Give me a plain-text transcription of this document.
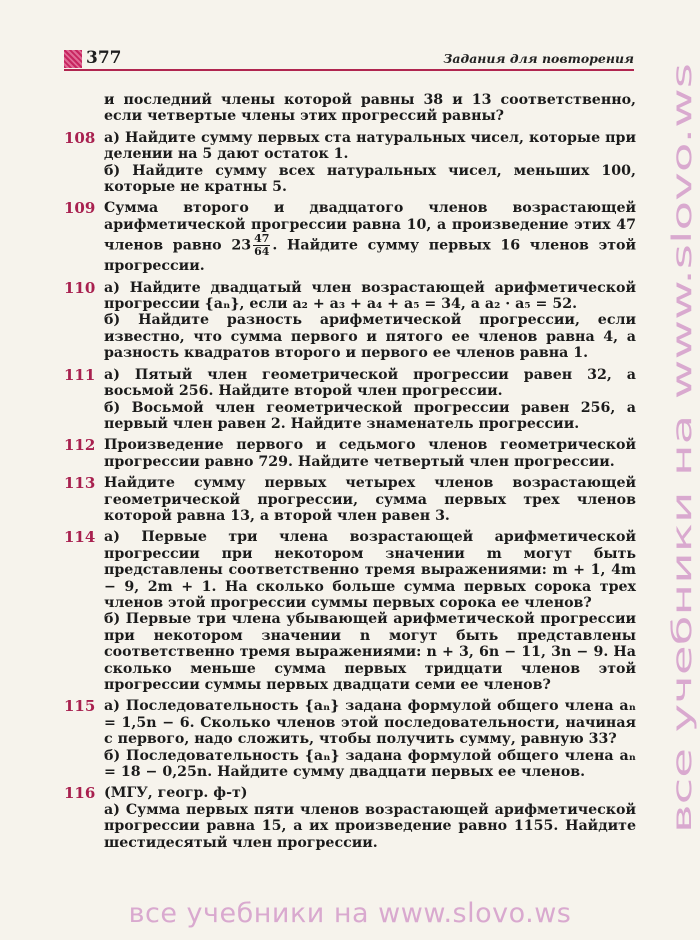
377	Задания для повторения
и последний члены которой равны 38 и 13 соответственно, если четвертые члены этих прогрессий равны?
108 а) Найдите сумму первых ста натуральных чисел, которые при делении на 5 дают остаток 1.
б) Найдите сумму всех натуральных чисел, меньших 100, которые не кратны 5.
109 Сумма второго и двадцатого членов возрастающей арифметической прогрессии равна 10, а произведение этих 47 членов равно $23 \frac{47}{64}$ . Найдите сумму первых 16 членов этой прогрессии.
110 а) Найдите двадцатый член возрастающей арифметической прогрессии {aₙ}, если a₂ + a₃ + a₄ + a₅ = 34, а a₂ · a₅ = 52.
б) Найдите разность арифметической прогрессии, если известно, что сумма первого и пятого ее членов равна 4, а разность квадратов второго и первого ее членов равна 1.
111 а) Пятый член геометрической прогрессии равен 32, а восьмой 256. Найдите второй член прогрессии.
б) Восьмой член геометрической прогрессии равен 256, а первый член равен 2. Найдите знаменатель прогрессии.
112 Произведение первого и седьмого членов геометрической прогрессии равно 729. Найдите четвертый член прогрессии.
113 Найдите сумму первых четырех членов возрастающей геометрической прогрессии, сумма первых трех членов которой равна 13, а второй член равен 3.
114 а) Первые три члена возрастающей арифметической прогрессии при некотором значении m могут быть представлены соответственно тремя выражениями: m + 1, 4m − 9, 2m + 1. На сколько больше сумма первых сорока трех членов этой прогрессии суммы первых сорока ее членов?
б) Первые три члена убывающей арифметической прогрессии при некотором значении n могут быть представлены соответственно тремя выражениями: n + 3, 6n − 11, 3n − 9. На сколько меньше сумма первых тридцати членов этой прогрессии суммы первых двадцати семи ее членов?
115 а) Последовательность {aₙ} задана формулой общего члена aₙ = 1,5n − 6. Сколько членов этой последовательности, начиная с первого, надо сложить, чтобы получить сумму, равную 33?
б) Последовательность {aₙ} задана формулой общего члена aₙ = 18 − 0,25n. Найдите сумму двадцати первых ее членов.
116 (МГУ, геогр. ф-т)
а) Сумма первых пяти членов возрастающей арифметической прогрессии равна 15, а их произведение равно 1155. Найдите шестидесятый член прогрессии.
все учебники на www.slovo.ws
все учебники на www.slovo.ws
